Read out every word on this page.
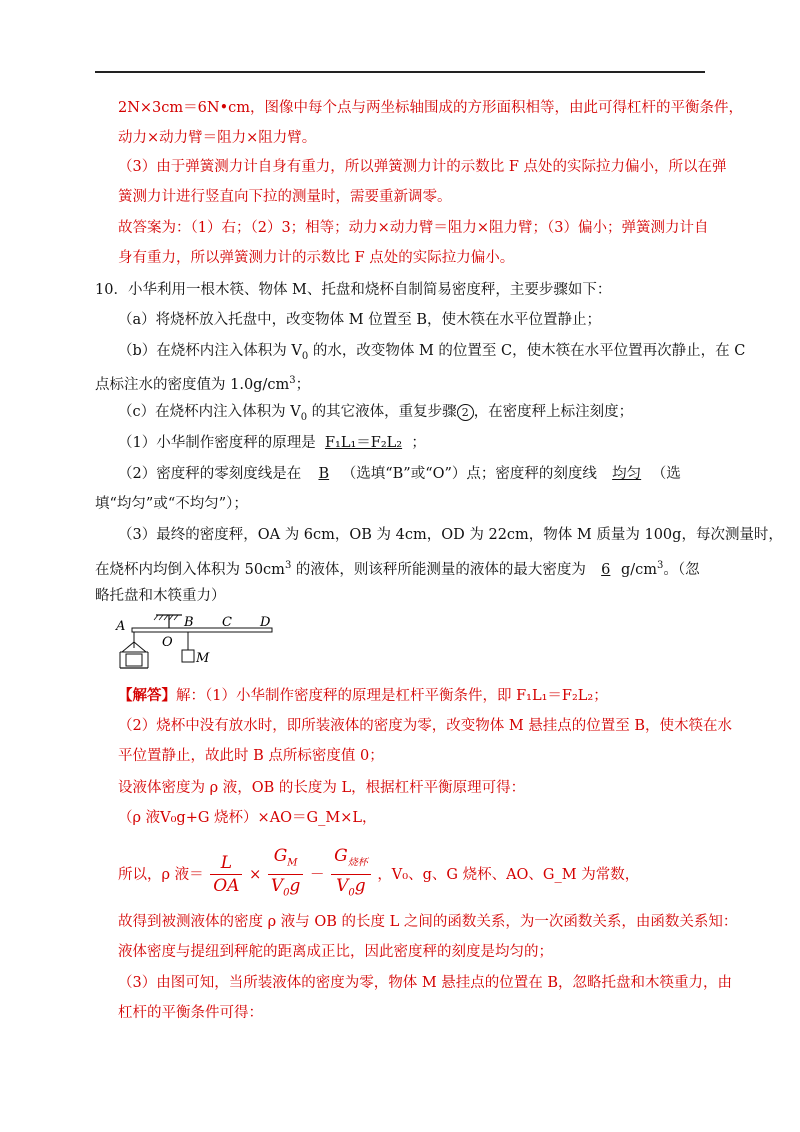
2N×3cm＝6N•cm，图像中每个点与两坐标轴围成的方形面积相等，由此可得杠杆的平衡条件，
动力×动力臂＝阻力×阻力臂。
（3）由于弹簧测力计自身有重力，所以弹簧测力计的示数比 F 点处的实际拉力偏小，所以在弹
簧测力计进行竖直向下拉的测量时，需要重新调零。
故答案为：（1）右；（2）3；相等；动力×动力臂＝阻力×阻力臂；（3）偏小；弹簧测力计自
身有重力，所以弹簧测力计的示数比 F 点处的实际拉力偏小。
10．小华利用一根木筷、物体 M、托盘和烧杯自制简易密度秤，主要步骤如下：
（a）将烧杯放入托盘中，改变物体 M 位置至 B，使木筷在水平位置静止；
（b）在烧杯内注入体积为 $V_0$ 的水，改变物体 M 的位置至 C，使木筷在水平位置再次静止，在 C
点标注水的密度值为 $1.0g/cm^3$；
（c）在烧杯内注入体积为 $V_0$ 的其它液体，重复步骤 2 ，在密度秤上标注刻度；
（1）小华制作密度秤的原理是 F₁L₁＝F₂L₂ ；
（2）密度秤的零刻度线是在 B （选填“B”或“O”）点；密度秤的刻度线 均匀 （选
填“均匀”或“不均匀”）；
（3）最终的密度秤，OA 为 6cm，OB 为 4cm，OD 为 22cm，物体 M 质量为 100g，每次测量时，
在烧杯内均倒入体积为 $50cm^3$ 的液体，则该秤所能测量的液体的最大密度为 6 $g/cm^3$。（忽
略托盘和木筷重力）
A
O
B C D
M
【解答】解：（1）小华制作密度秤的原理是杠杆平衡条件，即 F₁L₁＝F₂L₂；
（2）烧杯中没有放水时，即所装液体的密度为零，改变物体 M 悬挂点的位置至 B，使木筷在水
平位置静止，故此时 B 点所标密度值 0；
设液体密度为 ρ 液，OB 的长度为 L，根据杠杆平衡原理可得：
（ρ 液V₀g+G 烧杯）×AO＝G_M×L，
所以，ρ 液＝ $\frac{L}{OA} \times \frac{G_M}{V_0g} - \frac{G_{烧杯}}{V_0g}$ ，V₀、g、G 烧杯、AO、G_M 为常数，
故得到被测液体的密度 ρ 液与 OB 的长度 L 之间的函数关系，为一次函数关系，由函数关系知：
液体密度与提纽到秤舵的距离成正比，因此密度秤的刻度是均匀的；
（3）由图可知，当所装液体的密度为零，物体 M 悬挂点的位置在 B，忽略托盘和木筷重力，由
杠杆的平衡条件可得：
